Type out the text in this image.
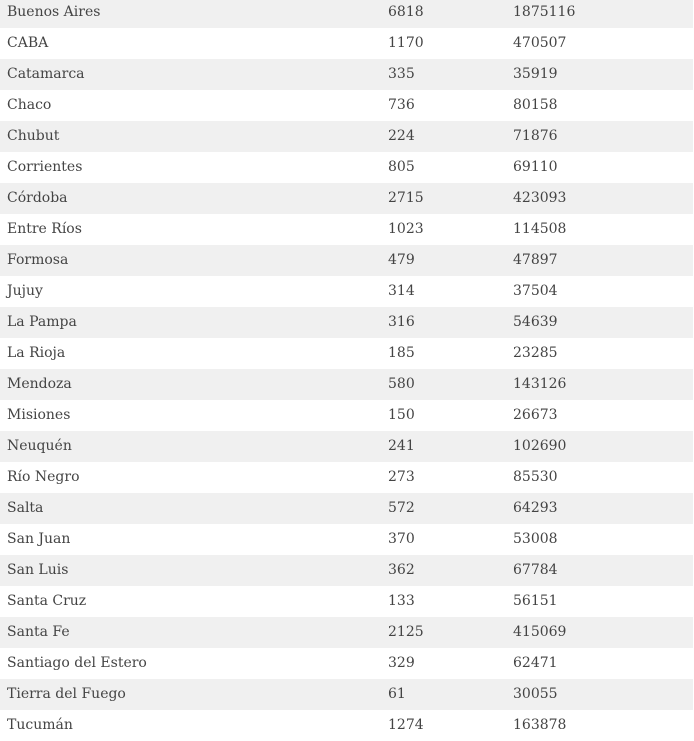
Buenos Aires	6818	1875116
CABA	1170	470507
Catamarca	335	35919
Chaco	736	80158
Chubut	224	71876
Corrientes	805	69110
Córdoba	2715	423093
Entre Ríos	1023	114508
Formosa	479	47897
Jujuy	314	37504
La Pampa	316	54639
La Rioja	185	23285
Mendoza	580	143126
Misiones	150	26673
Neuquén	241	102690
Río Negro	273	85530
Salta	572	64293
San Juan	370	53008
San Luis	362	67784
Santa Cruz	133	56151
Santa Fe	2125	415069
Santiago del Estero	329	62471
Tierra del Fuego	61	30055
Tucumán	1274	163878
